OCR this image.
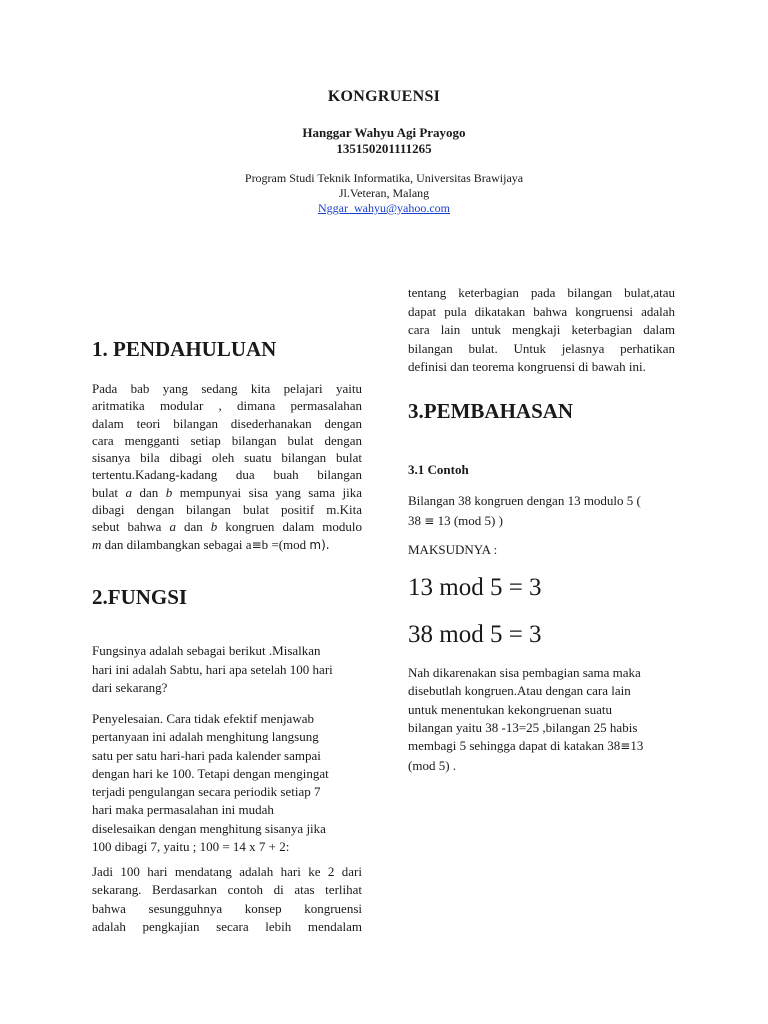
KONGRUENSI
Hanggar Wahyu Agi Prayogo
135150201111265
Program Studi Teknik Informatika, Universitas Brawijaya
Jl.Veteran, Malang
Nggar_wahyu@yahoo.com
1. PENDAHULUAN
Pada bab yang sedang kita pelajari yaitu
aritmatika modular , dimana permasalahan
dalam teori bilangan disederhanakan dengan
cara mengganti setiap bilangan bulat dengan
sisanya bila dibagi oleh suatu bilangan bulat
tertentu.Kadang-kadang dua buah bilangan
bulat a dan b mempunyai sisa yang sama jika
dibagi dengan bilangan bulat positif m.Kita
sebut bahwa a dan b kongruen dalam modulo
m dan dilambangkan sebagai a≡b =(mod m).
2.FUNGSI
Fungsinya adalah sebagai berikut .Misalkan
hari ini adalah Sabtu, hari apa setelah 100 hari
dari sekarang?
Penyelesaian. Cara tidak efektif menjawab
pertanyaan ini adalah menghitung langsung
satu per satu hari-hari pada kalender sampai
dengan hari ke 100. Tetapi dengan mengingat
terjadi pengulangan secara periodik setiap 7
hari maka permasalahan ini mudah
diselesaikan dengan menghitung sisanya jika
100 dibagi 7, yaitu ; 100 = 14 x 7 + 2:
Jadi 100 hari mendatang adalah hari ke 2 dari
sekarang. Berdasarkan contoh di atas terlihat
bahwa sesungguhnya konsep kongruensi
adalah pengkajian secara lebih mendalam
tentang keterbagian pada bilangan bulat,atau
dapat pula dikatakan bahwa kongruensi adalah
cara lain untuk mengkaji keterbagian dalam
bilangan bulat. Untuk jelasnya perhatikan
definisi dan teorema kongruensi di bawah ini.
3.PEMBAHASAN
3.1 Contoh
Bilangan 38 kongruen dengan 13 modulo 5 (
38 ≡ 13 (mod 5) )
MAKSUDNYA :
13 mod 5 = 3
38 mod 5 = 3
Nah dikarenakan sisa pembagian sama maka
disebutlah kongruen.Atau dengan cara lain
untuk menentukan kekongruenan suatu
bilangan yaitu 38 -13=25 ,bilangan 25 habis
membagi 5 sehingga dapat di katakan 38≡13
(mod 5) .
